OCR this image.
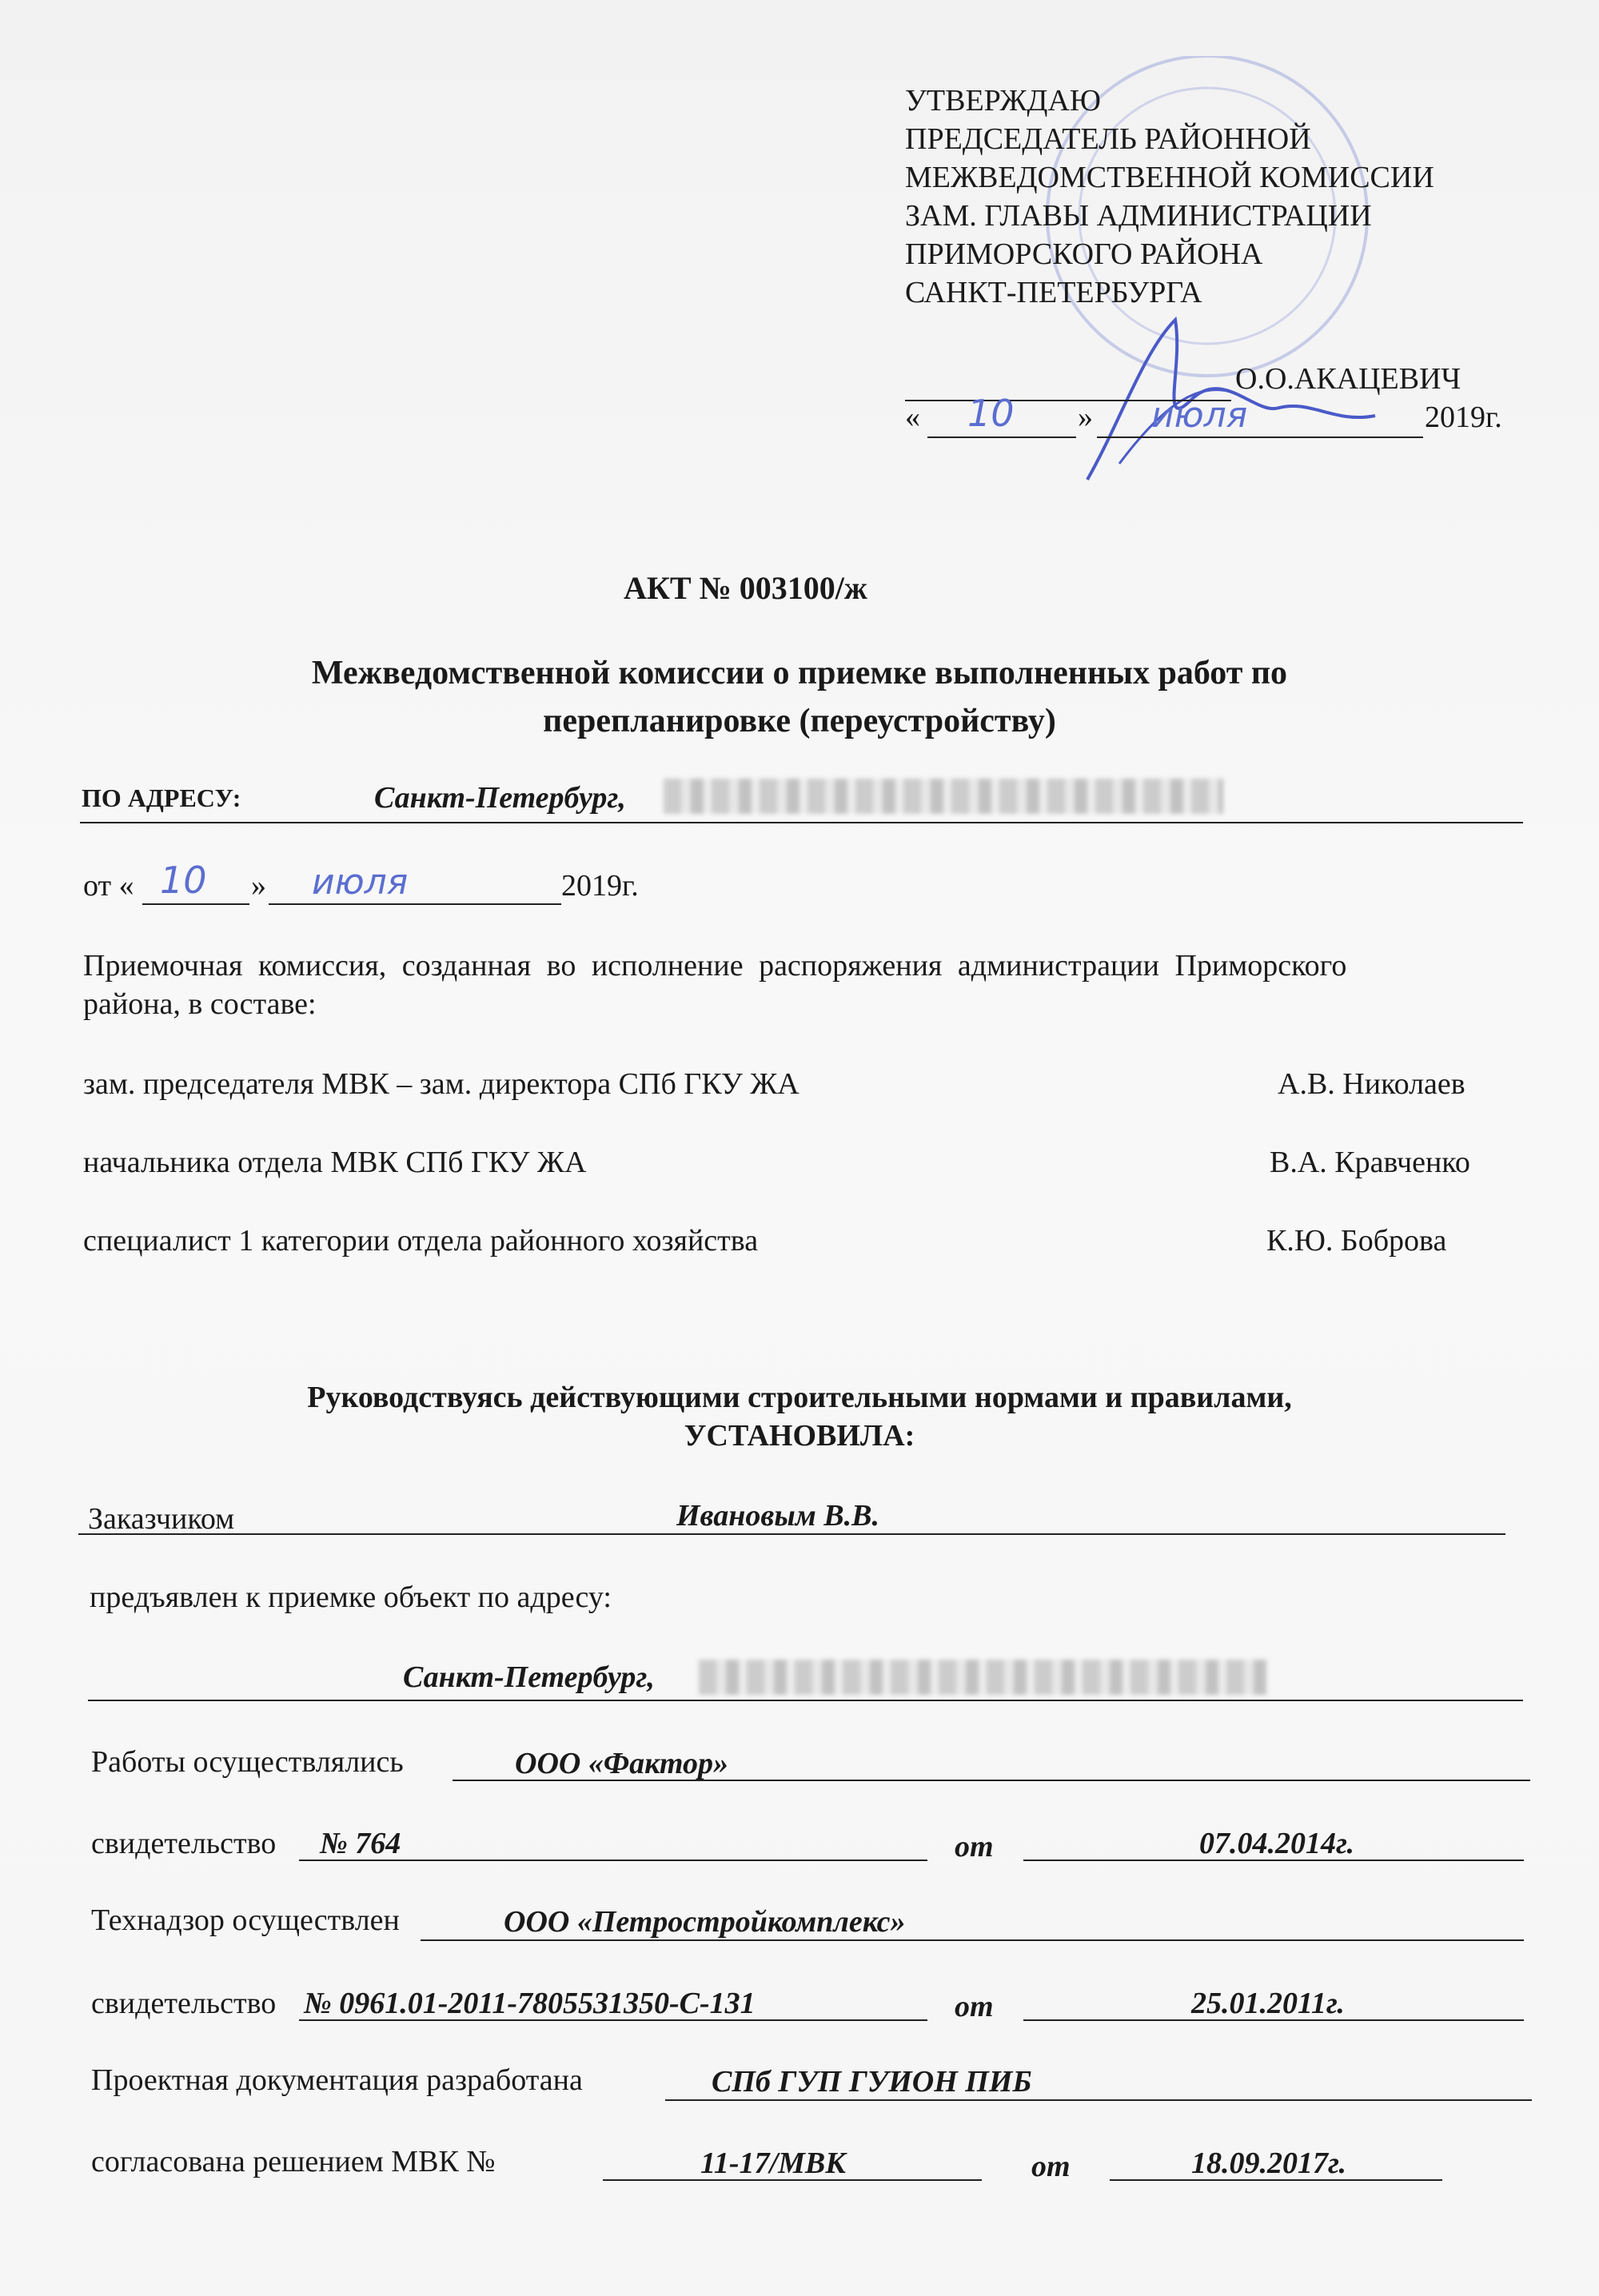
УТВЕРЖДАЮ
ПРЕДСЕДАТЕЛЬ РАЙОННОЙ
МЕЖВЕДОМСТВЕННОЙ КОМИССИИ
ЗАМ. ГЛАВЫ АДМИНИСТРАЦИИ
ПРИМОРСКОГО РАЙОНА
САНКТ-ПЕТЕРБУРГА
О.О.АКАЦЕВИЧ
« 10 » июля	2019г.
АКТ № 003100/ж
Межведомственной комиссии о приемке выполненных работ по
перепланировке (переустройству)
ПО АДРЕСУ:	Санкт-Петербург,
от « 10 » июля	2019г.
Приемочная комиссия, созданная во исполнение распоряжения администрации Приморского
района, в составе:
зам. председателя МВК – зам. директора СПб ГКУ ЖА	А.В. Николаев
начальника отдела МВК СПб ГКУ ЖА	В.А. Кравченко
специалист 1 категории отдела районного хозяйства	К.Ю. Боброва
Руководствуясь действующими строительными нормами и правилами,
УСТАНОВИЛА:
Заказчиком	Ивановым В.В.
предъявлен к приемке объект по адресу:
Санкт-Петербург,
Работы осуществлялись	ООО «Фактор»
свидетельство № 764	от	07.04.2014г.
Технадзор осуществлен	ООО «Петростройкомплекс»
свидетельство № 0961.01-2011-7805531350-С-131	от	25.01.2011г.
Проектная документация разработана	СПб ГУП ГУИОН ПИБ
согласована решением МВК №	11-17/МВК	от	18.09.2017г.
